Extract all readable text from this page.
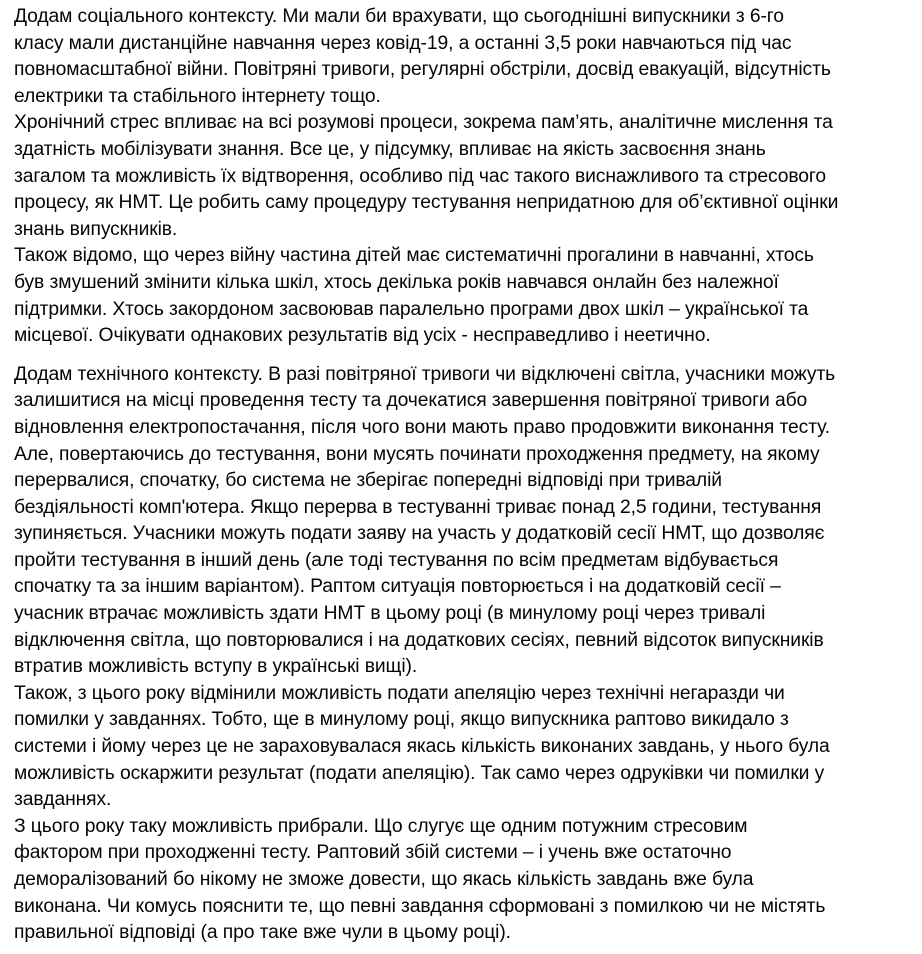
Додам соціального контексту. Ми мали би врахувати, що сьогоднішні випускники з 6-го
класу мали дистанційне навчання через ковід-19, а останні 3,5 роки навчаються під час
повномасштабної війни. Повітряні тривоги, регулярні обстріли, досвід евакуацій, відсутність
електрики та стабільного інтернету тощо.
Хронічний стрес впливає на всі розумові процеси, зокрема пам’ять, аналітичне мислення та
здатність мобілізувати знання. Все це, у підсумку, впливає на якість засвоєння знань
загалом та можливість їх відтворення, особливо під час такого виснажливого та стресового
процесу, як НМТ. Це робить саму процедуру тестування непридатною для об’єктивної оцінки
знань випускників.
Також відомо, що через війну частина дітей має систематичні прогалини в навчанні, хтось
був змушений змінити кілька шкіл, хтось декілька років навчався онлайн без належної
підтримки. Хтось закордоном засвоював паралельно програми двох шкіл – української та
місцевої. Очікувати однакових результатів від усіх - несправедливо і неетично.
Додам технічного контексту. В разі повітряної тривоги чи відключені світла, учасники можуть
залишитися на місці проведення тесту та дочекатися завершення повітряної тривоги або
відновлення електропостачання, після чого вони мають право продовжити виконання тесту.
Але, повертаючись до тестування, вони мусять починати проходження предмету, на якому
перервалися, спочатку, бо система не зберігає попередні відповіді при тривалій
бездіяльності комп'ютера. Якщо перерва в тестуванні триває понад 2,5 години, тестування
зупиняється. Учасники можуть подати заяву на участь у додатковій сесії НМТ, що дозволяє
пройти тестування в інший день (але тоді тестування по всім предметам відбувається
спочатку та за іншим варіантом). Раптом ситуація повторюється і на додатковій сесії –
учасник втрачає можливість здати НМТ в цьому році (в минулому році через тривалі
відключення світла, що повторювалися і на додаткових сесіях, певний відсоток випускників
втратив можливість вступу в українські вищі).
Також, з цього року відмінили можливість подати апеляцію через технічні негаразди чи
помилки у завданнях. Тобто, ще в минулому році, якщо випускника раптово викидало з
системи і йому через це не зараховувалася якась кількість виконаних завдань, у нього була
можливість оскаржити результат (подати апеляцію). Так само через одруківки чи помилки у
завданнях.
З цього року таку можливість прибрали. Що слугує ще одним потужним стресовим
фактором при проходженні тесту. Раптовий збій системи – і учень вже остаточно
деморалізований бо нікому не зможе довести, що якась кількість завдань вже була
виконана. Чи комусь пояснити те, що певні завдання сформовані з помилкою чи не містять
правильної відповіді (а про таке вже чули в цьому році).
